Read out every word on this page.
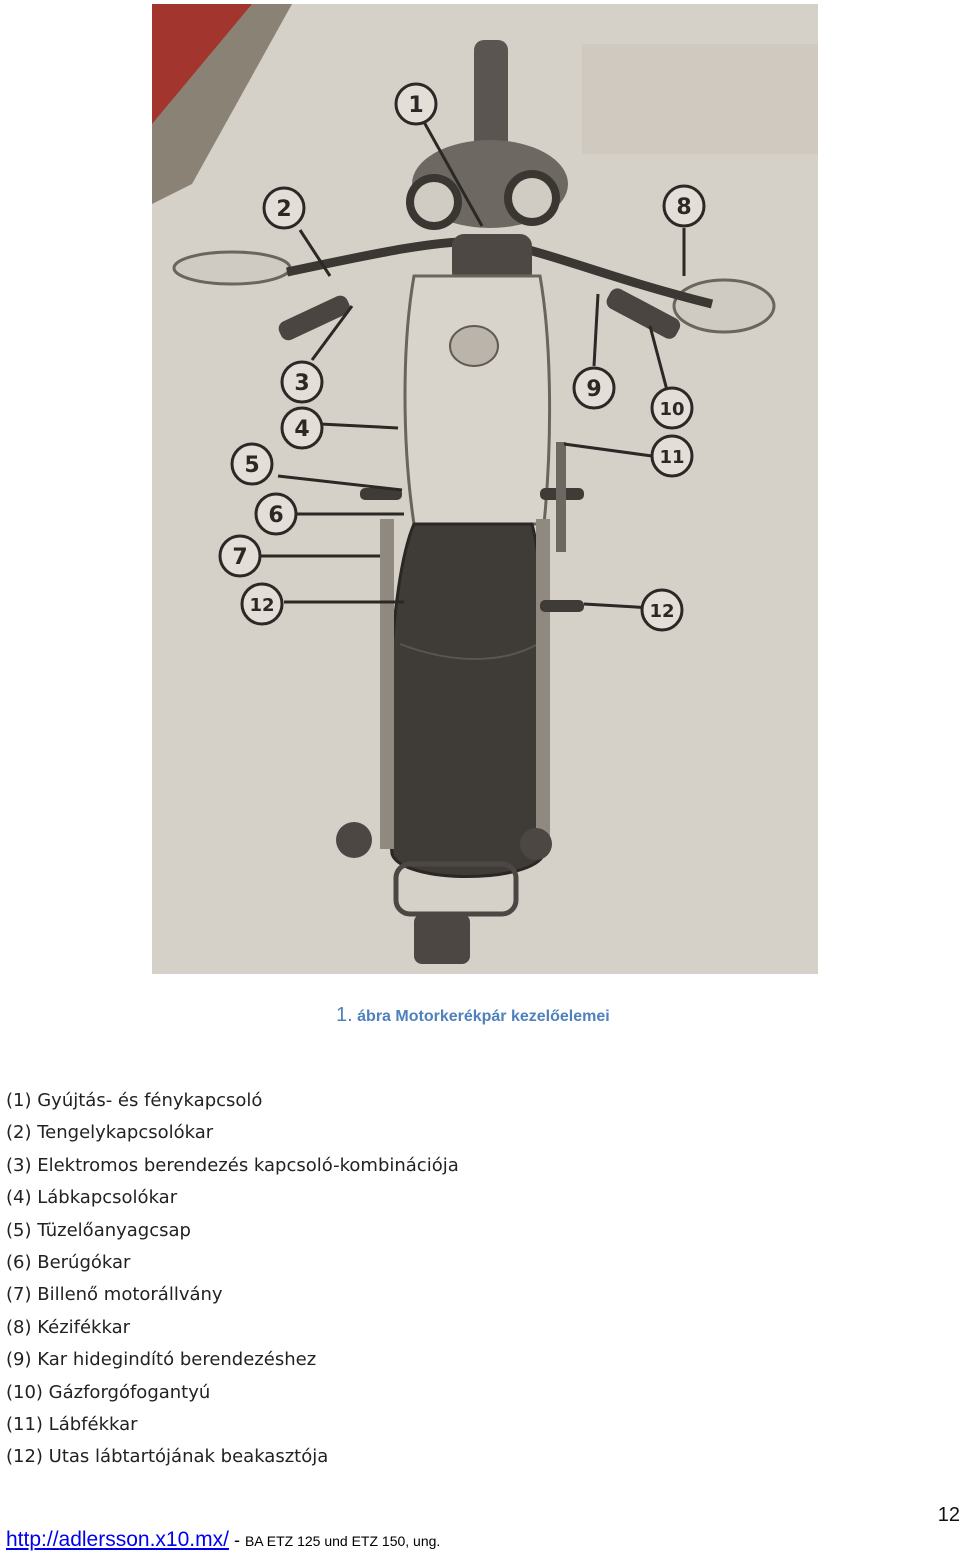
1
2
3
4
5
6
7
8
9
10
11
12	12
1. ábra Motorkerékpár kezelőelemei
(1) Gyújtás- és fénykapcsoló
(2) Tengelykapcsolókar
(3) Elektromos berendezés kapcsoló-kombinációja
(4) Lábkapcsolókar
(5) Tüzelőanyagcsap
(6) Berúgókar
(7) Billenő motorállvány
(8) Kézifékkar
(9) Kar hidegindító berendezéshez
(10) Gázforgófogantyú
(11) Lábfékkar
(12) Utas lábtartójának beakasztója
12
http://adlersson.x10.mx/ - BA ETZ 125 und ETZ 150, ung.
